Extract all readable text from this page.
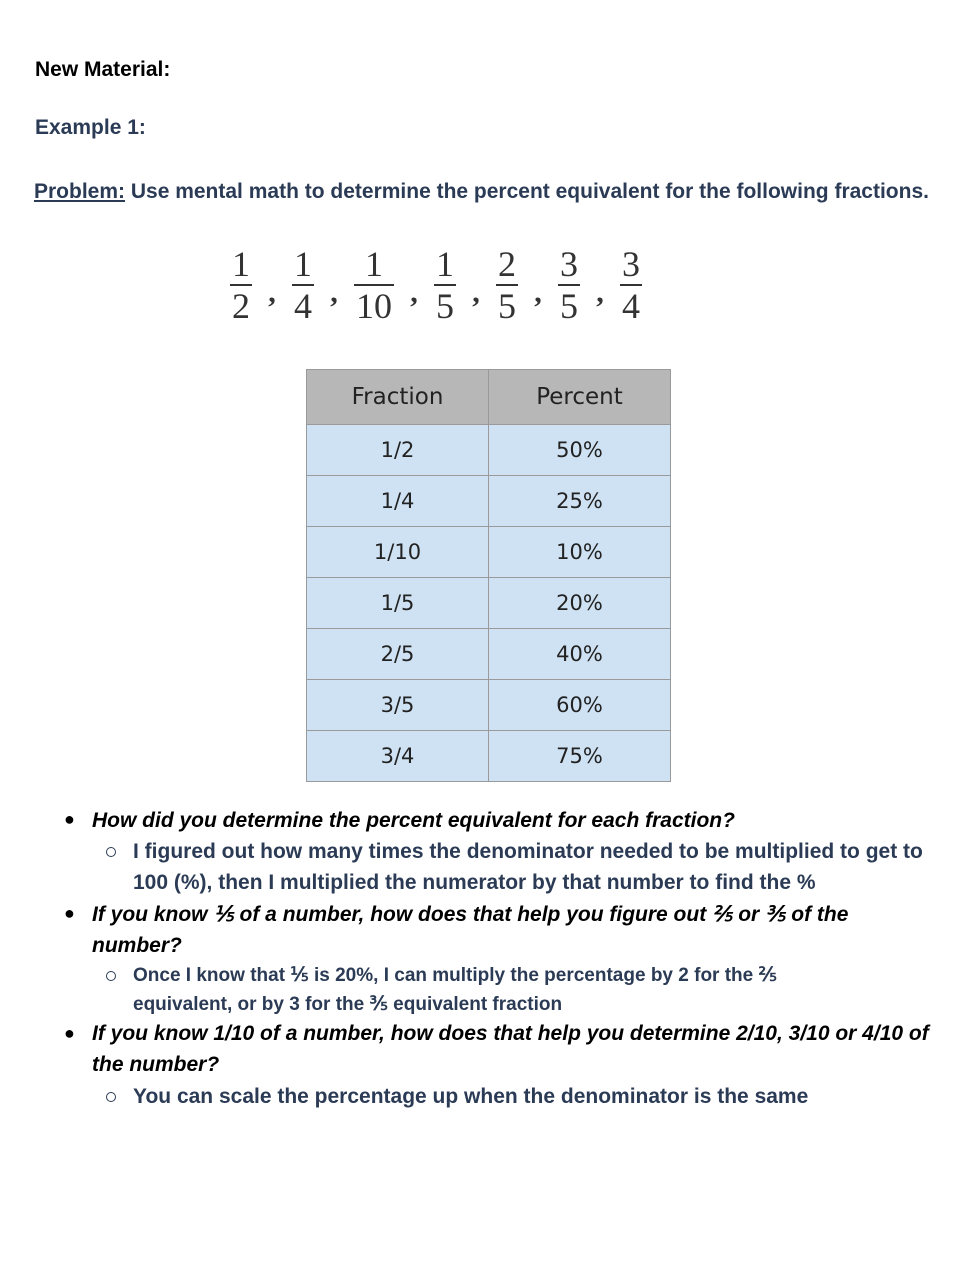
New Material:
Example 1:
Problem: Use mental math to determine the percent equivalent for the following fractions.
$\frac{1}{2}$ , $\frac{1}{4}$ , $\frac{1}{10}$ , $\frac{1}{5}$ , $\frac{2}{5}$ , $\frac{3}{5}$ , $\frac{3}{4}$
Fraction	Percent
1/2	50%
1/4	25%
1/10	10%
1/5	20%
2/5	40%
3/5	60%
3/4	75%
● How did you determine the percent equivalent for each fraction?
I figured out how many times the denominator needed to be multiplied to get to 100 (%), then I multiplied the numerator by that number to find the %
● If you know ⅕ of a number, how does that help you figure out ⅖ or ⅗ of the number?
Once I know that ⅕ is 20%, I can multiply the percentage by 2 for the ⅖ equivalent, or by 3 for the ⅗ equivalent fraction
● If you know 1/10 of a number, how does that help you determine 2/10, 3/10 or 4/10 of the number?
You can scale the percentage up when the denominator is the same
